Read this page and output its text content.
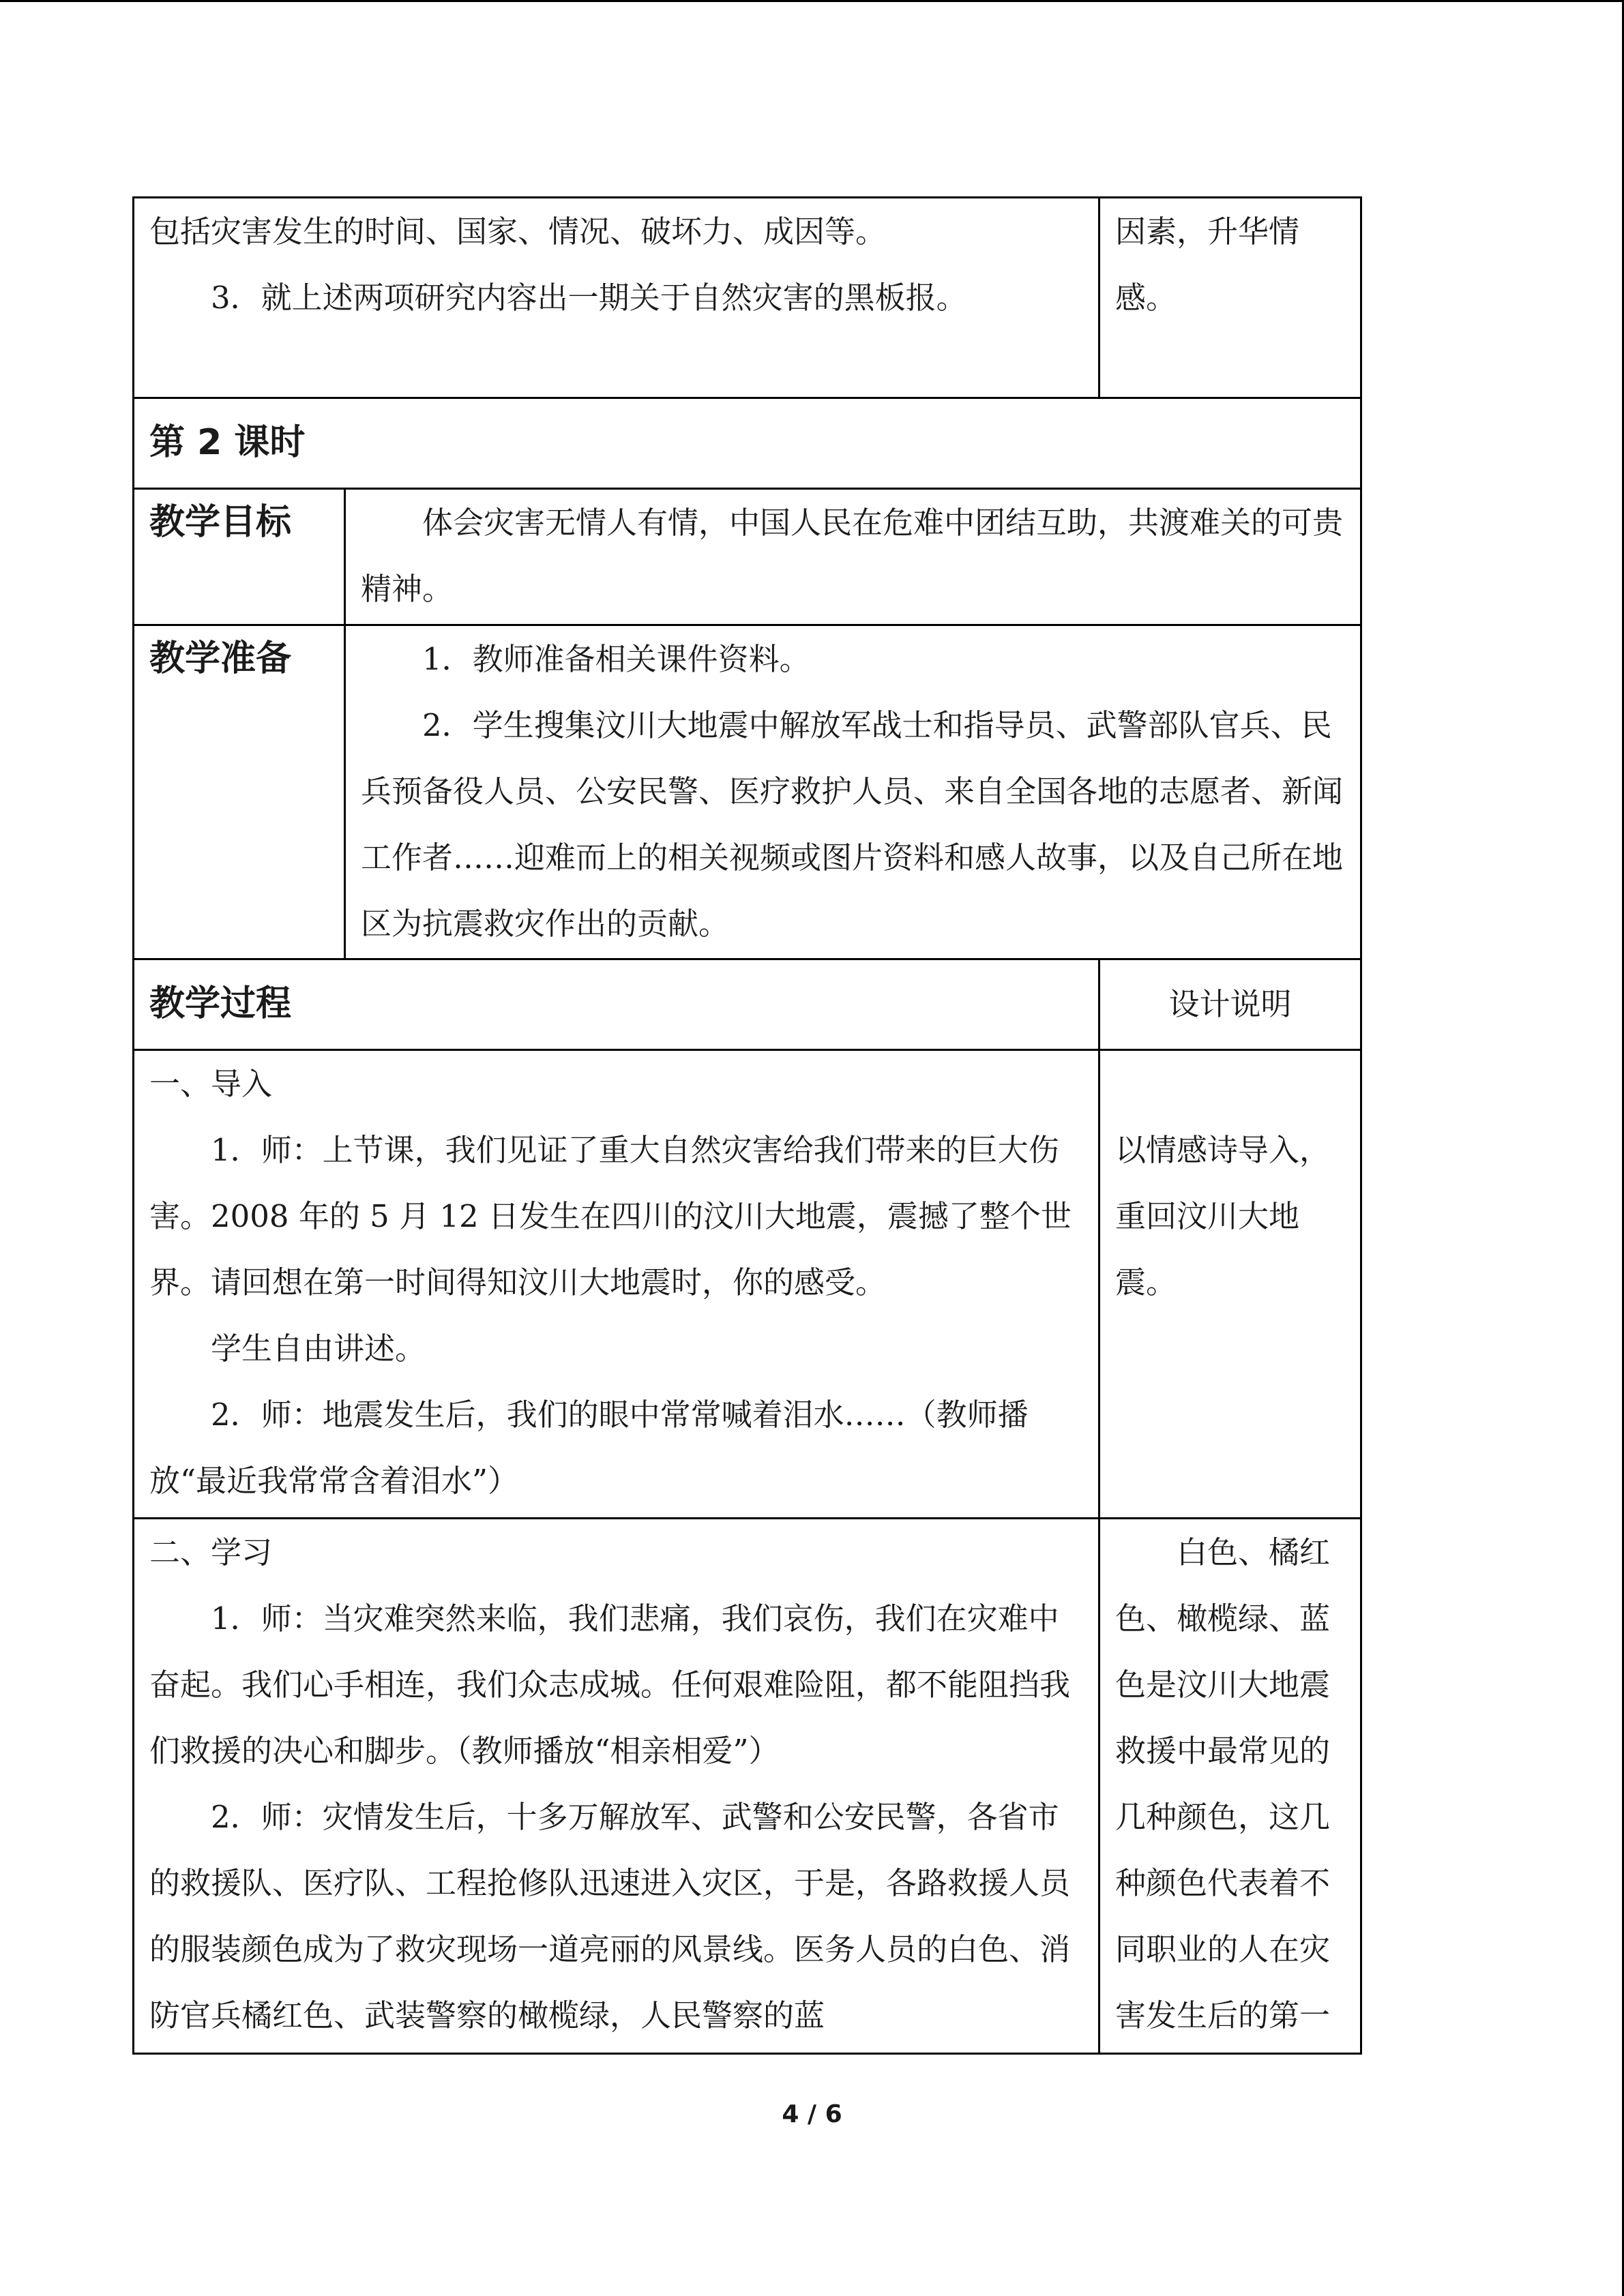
包括灾害发生的时间、国家、情况、破坏力、成因等。

3．就上述两项研究内容出一期关于自然灾害的黑板报。		因素，升华情感。

第 2 课时		
教学目标	体会灾害无情人有情，中国人民在危难中团结互助，共渡难关的可贵精神。	

教学准备	1．教师准备相关课件资料。

2．学生搜集汶川大地震中解放军战士和指导员、武警部队官兵、民兵预备役人员、公安民警、医疗救护人员、来自全国各地的志愿者、新闻工作者……迎难而上的相关视频或图片资料和感人故事，以及自己所在地区为抗震救灾作出的贡献。	

教学过程		设计说明

一、导入

1．师：上节课，我们见证了重大自然灾害给我们带来的巨大伤害。2008 年的 5 月 12 日发生在四川的汶川大地震，震撼了整个世界。请回想在第一时间得知汶川大地震时，你的感受。

学生自由讲述。

2．师：地震发生后，我们的眼中常常喊着泪水……（教师播放“最近我常常含着泪水”）		以情感诗导入，重回汶川大地震。

二、学习

1．师：当灾难突然来临，我们悲痛，我们哀伤，我们在灾难中奋起。我们心手相连，我们众志成城。任何艰难险阻，都不能阻挡我们救援的决心和脚步。（教师播放“相亲相爱”）

2．师：灾情发生后，十多万解放军、武警和公安民警，各省市的救援队、医疗队、工程抢修队迅速进入灾区，于是，各路救援人员的服装颜色成为了救灾现场一道亮丽的风景线。医务人员的白色、消防官兵橘红色、武装警察的橄榄绿，人民警察的蓝		白色、橘红色、橄榄绿、蓝色是汶川大地震救援中最常见的几种颜色，这几种颜色代表着不同职业的人在灾害发生后的第一

4 / 6
